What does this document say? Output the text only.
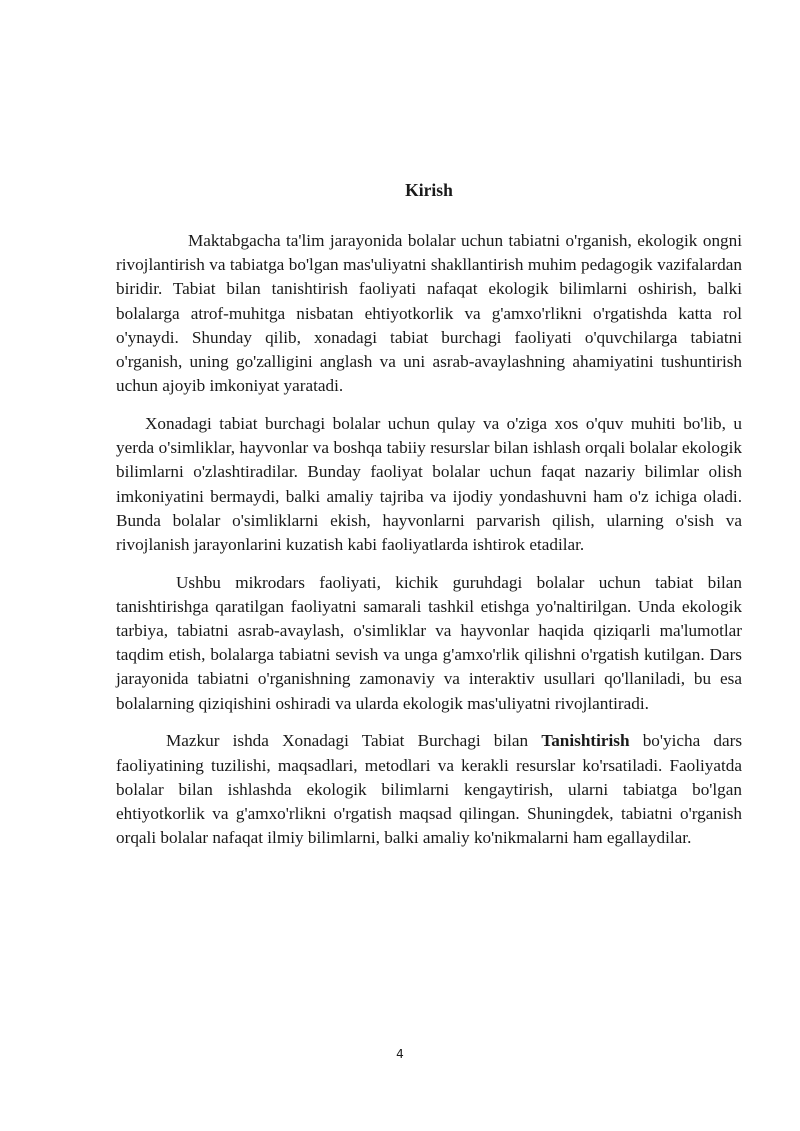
Kirish

Maktabgacha ta'lim jarayonida bolalar uchun tabiatni o'rganish, ekologik ongni rivojlantirish va tabiatga bo'lgan mas'uliyatni shakllantirish muhim pedagogik vazifalardan biridir. Tabiat bilan tanishtirish faoliyati nafaqat ekologik bilimlarni oshirish, balki bolalarga atrof-muhitga nisbatan ehtiyotkorlik va g'amxo'rlikni o'rgatishda katta rol o'ynaydi. Shunday qilib, xonadagi tabiat burchagi faoliyati o'quvchilarga tabiatni o'rganish, uning go'zalligini anglash va uni asrab-avaylashning ahamiyatini tushuntirish uchun ajoyib imkoniyat yaratadi.

Xonadagi tabiat burchagi bolalar uchun qulay va o'ziga xos o'quv muhiti bo'lib, u yerda o'simliklar, hayvonlar va boshqa tabiiy resurslar bilan ishlash orqali bolalar ekologik bilimlarni o'zlashtiradilar. Bunday faoliyat bolalar uchun faqat nazariy bilimlar olish imkoniyatini bermaydi, balki amaliy tajriba va ijodiy yondashuvni ham o'z ichiga oladi. Bunda bolalar o'simliklarni ekish, hayvonlarni parvarish qilish, ularning o'sish va rivojlanish jarayonlarini kuzatish kabi faoliyatlarda ishtirok etadilar.

Ushbu mikrodars faoliyati, kichik guruhdagi bolalar uchun tabiat bilan tanishtirishga qaratilgan faoliyatni samarali tashkil etishga yo'naltirilgan. Unda ekologik tarbiya, tabiatni asrab-avaylash, o'simliklar va hayvonlar haqida qiziqarli ma'lumotlar taqdim etish, bolalarga tabiatni sevish va unga g'amxo'rlik qilishni o'rgatish kutilgan. Dars jarayonida tabiatni o'rganishning zamonaviy va interaktiv usullari qo'llaniladi, bu esa bolalarning qiziqishini oshiradi va ularda ekologik mas'uliyatni rivojlantiradi.

Mazkur ishda Xonadagi Tabiat Burchagi bilan Tanishtirish bo'yicha dars faoliyatining tuzilishi, maqsadlari, metodlari va kerakli resurslar ko'rsatiladi. Faoliyatda bolalar bilan ishlashda ekologik bilimlarni kengaytirish, ularni tabiatga bo'lgan ehtiyotkorlik va g'amxo'rlikni o'rgatish maqsad qilingan. Shuningdek, tabiatni o'rganish orqali bolalar nafaqat ilmiy bilimlarni, balki amaliy ko'nikmalarni ham egallaydilar.

4
